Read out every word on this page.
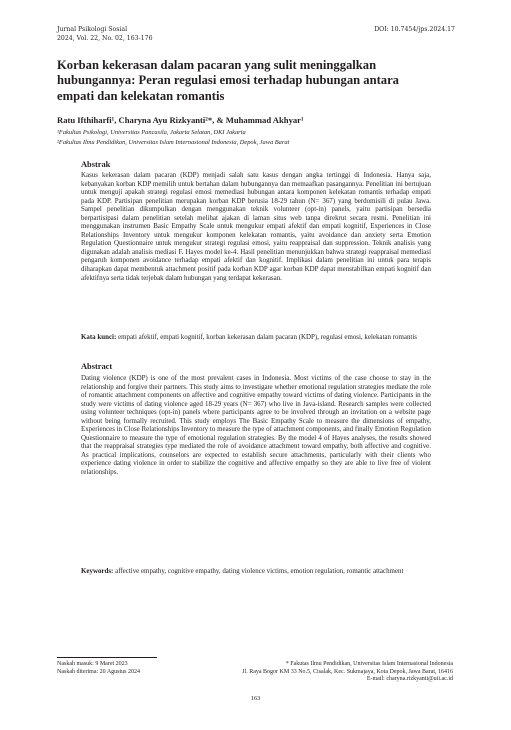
Jurnal Psikologi Sosial
2024, Vol. 22, No. 02, 163-176
DOI: 10.7454/jps.2024.17
Korban kekerasan dalam pacaran yang sulit meninggalkan hubungannya: Peran regulasi emosi terhadap hubungan antara empati dan kelekatan romantis
Ratu Ifthiharfi¹, Charyna Ayu Rizkyanti²*, & Muhammad Akhyar¹
¹Fakultas Psikologi, Universitas Pancasila, Jakarta Selatan, DKI Jakarta
²Fakultas Ilmu Pendidikan, Universitas Islam Internasional Indonesia, Depok, Jawa Barat
Abstrak
Kasus kekerasan dalam pacaran (KDP) menjadi salah satu kasus dengan angka tertinggi di Indonesia. Hanya saja, kebanyakan korban KDP memilih untuk bertahan dalam hubungannya dan memaafkan pasangannya. Penelitian ini bertujuan untuk menguji apakah strategi regulasi emosi memediasi hubungan antara komponen kelekatan romantis terhadap empati pada KDP. Partisipan penelitian merupakan korban KDP berusia 18-29 tahun (N= 367) yang berdomisili di pulau Jawa. Sampel penelitian dikumpulkan dengan menggunakan teknik volunteer (opt-in) panels, yaitu partisipan bersedia berpartisipasi dalam penelitian setelah melihat ajakan di laman situs web tanpa direkrut secara resmi. Penelitian ini menggunakan instrumen Basic Empathy Scale untuk mengukur empati afektif dan empati kognitif, Experiences in Close Relationships Inventory untuk mengukur komponen kelekatan romantis, yaitu avoidance dan anxiety serta Emotion Regulation Questionnaire untuk mengukur strategi regulasi emosi, yaitu reappraisal dan suppression. Teknik analisis yang digunakan adalah analisis mediasi F. Hayes model ke-4. Hasil penelitian menunjukkan bahwa strategi reappraisal memediasi pengaruh komponen avoidance terhadap empati afektif dan kognitif. Implikasi dalam penelitian ini untuk para terapis diharapkan dapat membentuk attachment positif pada korban KDP agar korban KDP dapat menstabilkan empati kognitif dan afektifnya serta tidak terjebak dalam hubungan yang terdapat kekerasan.
Kata kunci: empati afektif, empati kognitif, korban kekerasan dalam pacaran (KDP), regulasi emosi, kelekatan romantis
Abstract
Dating violence (KDP) is one of the most prevalent cases in Indonesia. Most victims of the case choose to stay in the relationship and forgive their partners. This study aims to investigate whether emotional regulation strategies mediate the role of romantic attachment components on affective and cognitive empathy toward victims of dating violence. Participants in the study were victims of dating violence aged 18-29 years (N= 367) who live in Java-island. Research samples were collected using volunteer techniques (opt-in) panels where participants agree to be involved through an invitation on a website page without being formally recruited. This study employs The Basic Empathy Scale to measure the dimensions of empathy, Experiences in Close Relationships Inventory to measure the type of attachment components, and finally Emotion Regulation Questionnaire to measure the type of emotional regulation strategies. By the model 4 of Hayes analyses, the results showed that the reappraisal strategies type mediated the role of avoidance attachment toward empathy, both affective and cognitive. As practical implications, counselors are expected to establish secure attachments, particularly with their clients who experience dating violence in order to stabilize the cognitive and affective empathy so they are able to live free of violent relationships.
Keywords: affective empathy, cognitive empathy, dating violence victims, emotion regulation, romantic attachment
Naskah masuk: 9 Maret 2023
Naskah diterima: 20 Agustus 2024
* Fakutas Ilmu Pendidikan, Universitas Islam Internasional Indonesia
Jl. Raya Bogor KM 33 No.5, Cisalak, Kec. Sukmajaya, Kota Depok, Jawa Barat, 16416
E-mail: charyna.rizkyanti@uii.ac.id
163
